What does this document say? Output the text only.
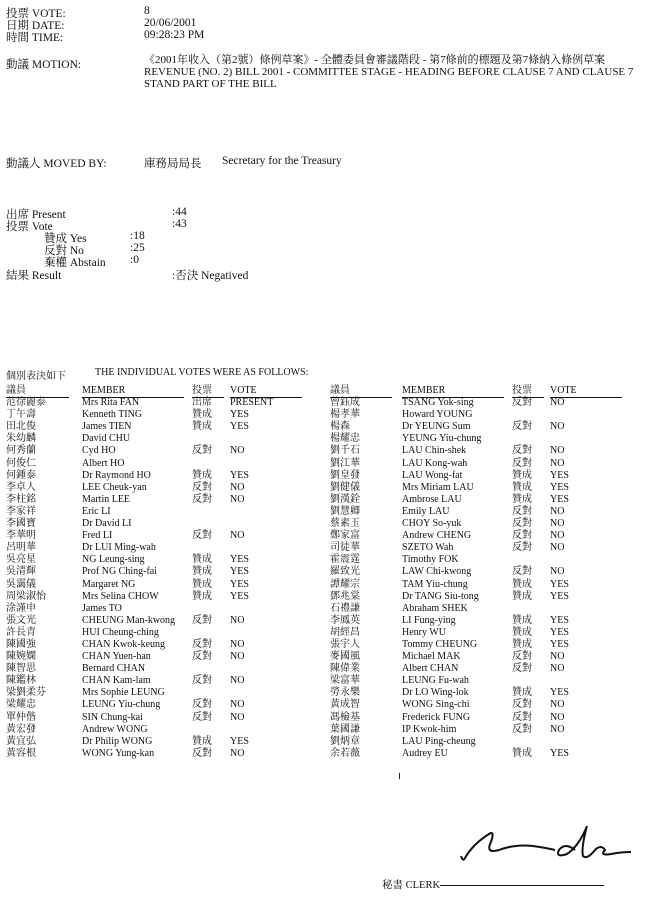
投票 VOTE:	8
日期 DATE:	20/06/2001
時間 TIME:	09:28:23 PM
動議 MOTION:	《2001年收入（第2號）條例草案》- 全體委員會審議階段 - 第7條前的標題及第7條納入條例草案
REVENUE (NO. 2) BILL 2001 - COMMITTEE STAGE - HEADING BEFORE CLAUSE 7 AND CLAUSE 7 STAND PART OF THE BILL
動議人 MOVED BY:	庫務局局長 Secretary for the Treasury
出席 Present	:44
投票 Vote	:43
贊成 Yes	:18
反對 No	:25
棄權 Abstain :0
結果 Result	:否決 Negatived
個別表決如下	THE INDIVIDUAL VOTES WERE AS FOLLOWS:
議員	MEMBER	投票 VOTE
范徐麗泰	Mrs Rita FAN	出席 PRESENT
丁午壽	Kenneth TING	贊成 YES
田北俊	James TIEN	贊成 YES
朱幼麟	David CHU
何秀蘭	Cyd HO	反對 NO
何俊仁	Albert HO
何鍾泰	Dr Raymond HO	贊成 YES
李卓人	LEE Cheuk-yan	反對 NO
李柱銘	Martin LEE	反對 NO
李家祥	Eric LI
李國寶	Dr David LI
李華明	Fred LI	反對 NO
呂明華	Dr LUI Ming-wah
吳亮星	NG Leung-sing	贊成 YES
吳清輝	Prof NG Ching-fai	贊成 YES
吳靄儀	Margaret NG	贊成 YES
周梁淑怡	Mrs Selina CHOW	贊成 YES
涂謹申	James TO
張文光	CHEUNG Man-kwong 反對 NO
許長青	HUI Cheung-ching
陳國強	CHAN Kwok-keung	反對 NO
陳婉嫻	CHAN Yuen-han	反對 NO
陳智思	Bernard CHAN
陳鑑林	CHAN Kam-lam	反對 NO
梁劉柔芬	Mrs Sophie LEUNG
梁耀忠	LEUNG Yiu-chung	反對 NO
單仲偕	SIN Chung-kai	反對 NO
黃宏發	Andrew WONG
黃宜弘	Dr Philip WONG	贊成 YES
黃容根	WONG Yung-kan	反對 NO
議員	MEMBER	投票 VOTE
曾鈺成	TSANG Yok-sing	反對 NO
楊孝華	Howard YOUNG
楊森	Dr YEUNG Sum	反對 NO
楊耀忠	YEUNG Yiu-chung
劉千石	LAU Chin-shek	反對 NO
劉江華	LAU Kong-wah	反對 NO
劉皇發	LAU Wong-fat	贊成 YES
劉健儀	Mrs Miriam LAU	贊成 YES
劉漢銓	Ambrose LAU	贊成 YES
劉慧卿	Emily LAU	反對 NO
蔡素玉	CHOY So-yuk	反對 NO
鄭家富	Andrew CHENG	反對 NO
司徒華	SZETO Wah	反對 NO
霍震霆	Timothy FOK
羅致光	LAW Chi-kwong	反對 NO
譚耀宗	TAM Yiu-chung	贊成 YES
鄧兆棠	Dr TANG Siu-tong	贊成 YES
石禮謙	Abraham SHEK
李鳳英	LI Fung-ying	贊成 YES
胡經昌	Henry WU	贊成 YES
張宇人	Tommy CHEUNG	贊成 YES
麥國風	Michael MAK	反對 NO
陳偉業	Albert CHAN	反對 NO
梁富華	LEUNG Fu-wah
勞永樂	Dr LO Wing-lok	贊成 YES
黃成智	WONG Sing-chi	反對 NO
馮檢基	Frederick FUNG	反對 NO
葉國謙	IP Kwok-him	反對 NO
劉炳章	LAU Ping-cheung
余若薇	Audrey EU	贊成 YES
秘書 CLERK
